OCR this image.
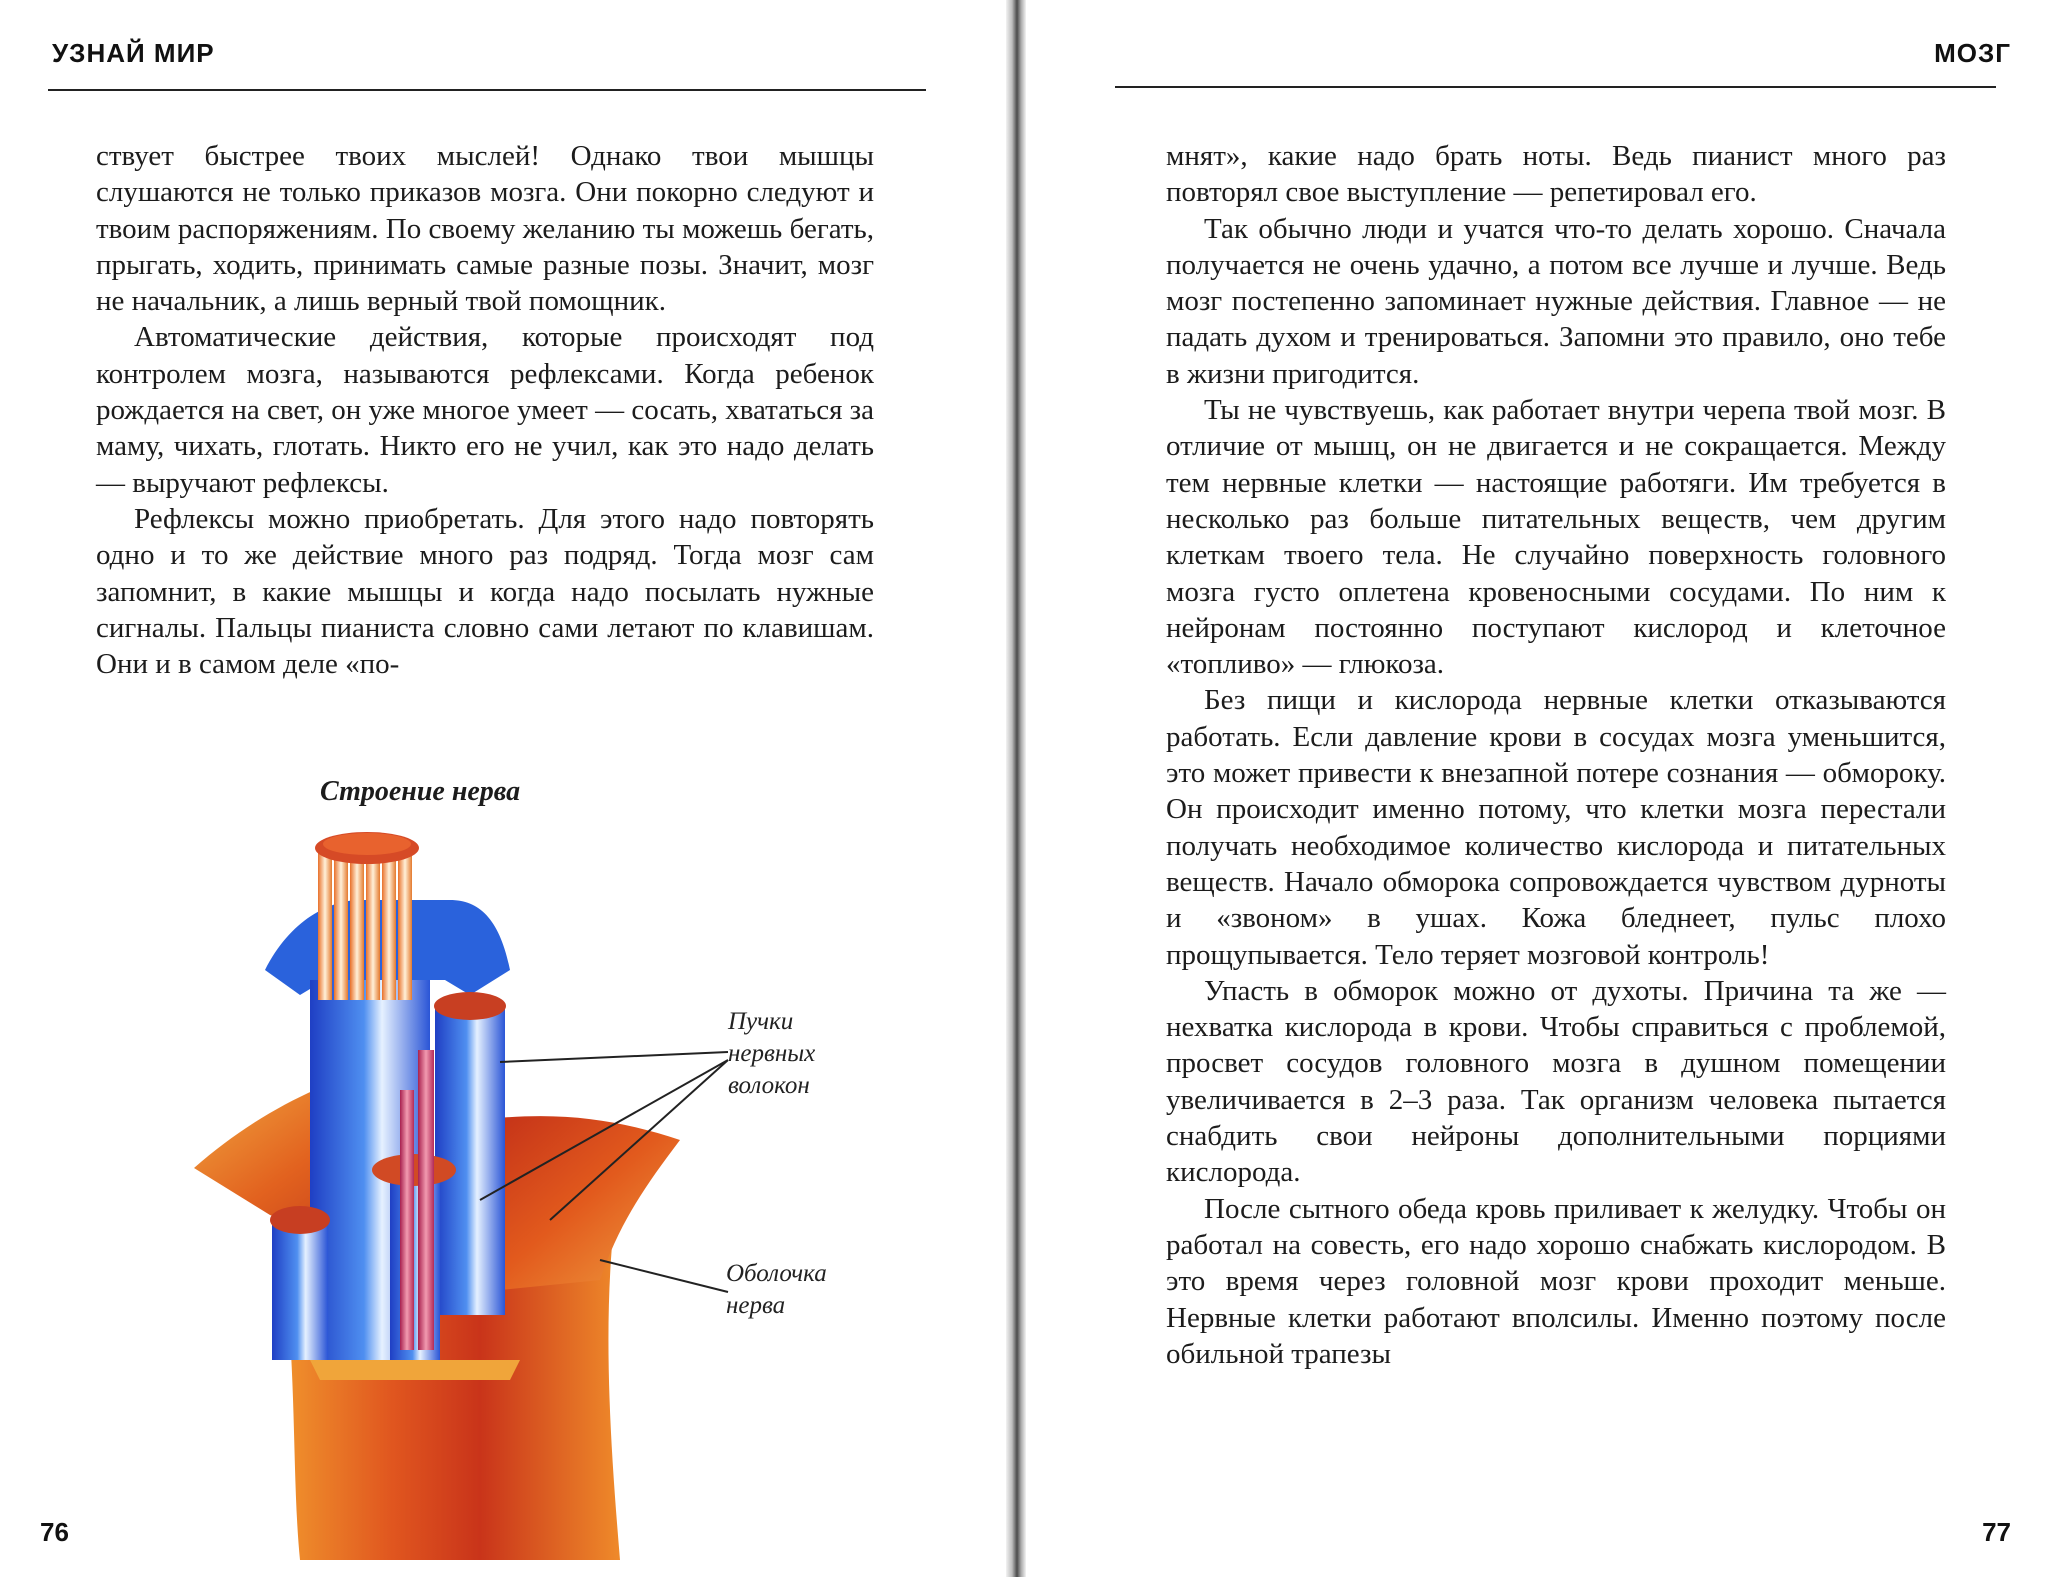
УЗНАЙ МИР

ствует быстрее твоих мыслей! Однако твои мышцы слушаются не только приказов мозга. Они покорно следуют и твоим распоряжениям. По своему желанию ты можешь бегать, прыгать, ходить, принимать самые разные позы. Значит, мозг не начальник, а лишь верный твой помощник.

Автоматические действия, которые происходят под контролем мозга, называются рефлексами. Когда ребенок рождается на свет, он уже многое умеет — сосать, хвататься за маму, чихать, глотать. Никто его не учил, как это надо делать — выручают рефлексы.

Рефлексы можно приобретать. Для этого надо повторять одно и то же действие много раз подряд. Тогда мозг сам запомнит, в какие мышцы и когда надо посылать нужные сигналы. Пальцы пианиста словно сами летают по клавишам. Они и в самом деле «по-

Строение нерва
Пучки нервных волокон
Оболочка нерва
76
МОЗГ

мнят», какие надо брать ноты. Ведь пианист много раз повторял свое выступление — репетировал его.

Так обычно люди и учатся что-то делать хорошо. Сначала получается не очень удачно, а потом все лучше и лучше. Ведь мозг постепенно запоминает нужные действия. Главное — не падать духом и тренироваться. Запомни это правило, оно тебе в жизни пригодится.

Ты не чувствуешь, как работает внутри черепа твой мозг. В отличие от мышц, он не двигается и не сокращается. Между тем нервные клетки — настоящие работяги. Им требуется в несколько раз больше питательных веществ, чем другим клеткам твоего тела. Не случайно поверхность головного мозга густо оплетена кровеносными сосудами. По ним к нейронам постоянно поступают кислород и клеточное «топливо» — глюкоза.

Без пищи и кислорода нервные клетки отказываются работать. Если давление крови в сосудах мозга уменьшится, это может привести к внезапной потере сознания — обмороку. Он происходит именно потому, что клетки мозга перестали получать необходимое количество кислорода и питательных веществ. Начало обморока сопровождается чувством дурноты и «звоном» в ушах. Кожа бледнеет, пульс плохо прощупывается. Тело теряет мозговой контроль!

Упасть в обморок можно от духоты. Причина та же — нехватка кислорода в крови. Чтобы справиться с проблемой, просвет сосудов головного мозга в душном помещении увеличивается в 2–3 раза. Так организм человека пытается снабдить свои нейроны дополнительными порциями кислорода.

После сытного обеда кровь приливает к желудку. Чтобы он работал на совесть, его надо хорошо снабжать кислородом. В это время через головной мозг крови проходит меньше. Нервные клетки работают вполсилы. Именно поэтому после обильной трапезы

77
